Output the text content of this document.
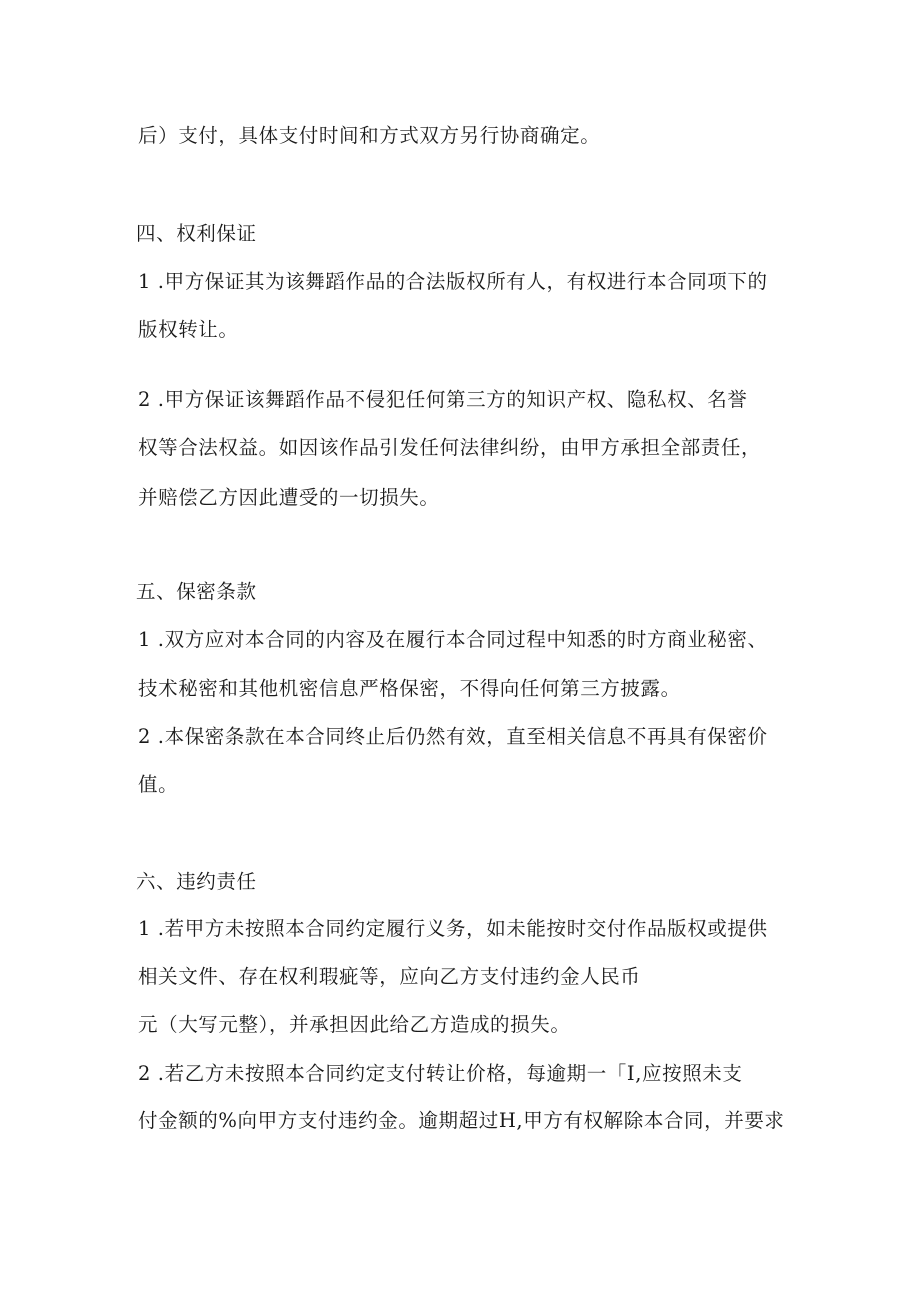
后）支付，具体支付时间和方式双方另行协商确定。
四、权利保证
1 .甲方保证其为该舞蹈作品的合法版权所有人，有权进行本合同项下的
版权转让。
2 .甲方保证该舞蹈作品不侵犯任何第三方的知识产权、隐私权、名誉
权等合法权益。如因该作品引发任何法律纠纷，由甲方承担全部责任，
并赔偿乙方因此遭受的一切损失。
五、保密条款
1 .双方应对本合同的内容及在履行本合同过程中知悉的时方商业秘密、
技术秘密和其他机密信息严格保密，不得向任何第三方披露。
2 .本保密条款在本合同终止后仍然有效，直至相关信息不再具有保密价
值。
六、违约责任
1 .若甲方未按照本合同约定履行义务，如未能按时交付作品版权或提供
相关文件、存在权利瑕疵等，应向乙方支付违约金人民币
元（大写元整），并承担因此给乙方造成的损失。
2 .若乙方未按照本合同约定支付转让价格，每逾期一「I,应按照未支
付金额的%向甲方支付违约金。逾期超过H,甲方有权解除本合同，并要求
